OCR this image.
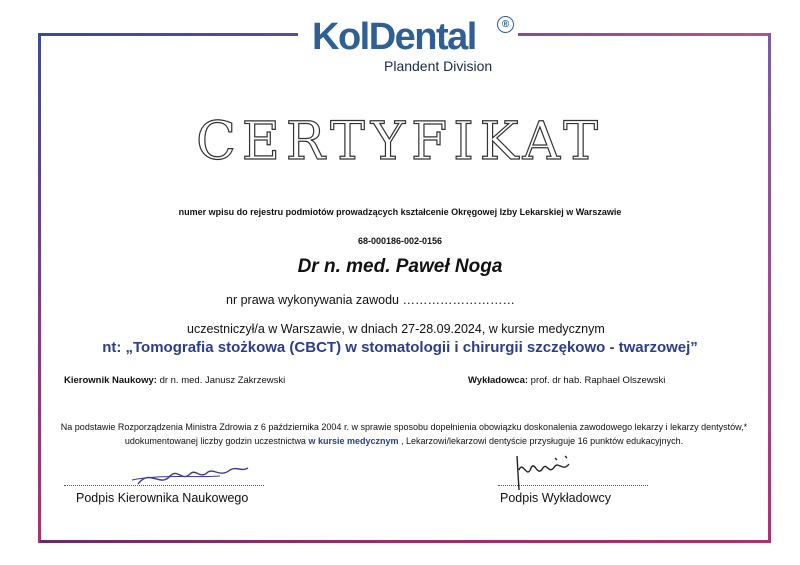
KolDental	®
Plandent Division
CERTYFIKAT
numer wpisu do rejestru podmiotów prowadzących kształcenie Okręgowej Izby Lekarskiej w Warszawie
68-000186-002-0156
Dr n. med. Paweł Noga
nr prawa wykonywania zawodu ………………………
uczestniczył/a w Warszawie, w dniach 27-28.09.2024, w kursie medycznym
nt: „Tomografia stożkowa (CBCT) w stomatologii i chirurgii szczękowo - twarzowej”
Kierownik Naukowy: dr n. med. Janusz Zakrzewski	Wykładowca: prof. dr hab. Raphael Olszewski
Na podstawie Rozporządzenia Ministra Zdrowia z 6 października 2004 r. w sprawie sposobu dopełnienia obowiązku doskonalenia zawodowego lekarzy i lekarzy dentystów,* udokumentowanej liczby godzin uczestnictwa w kursie medycznym , Lekarzowi/lekarzowi dentyście przysługuje 16 punktów edukacyjnych.
Podpis Kierownika Naukowego	Podpis Wykładowcy
